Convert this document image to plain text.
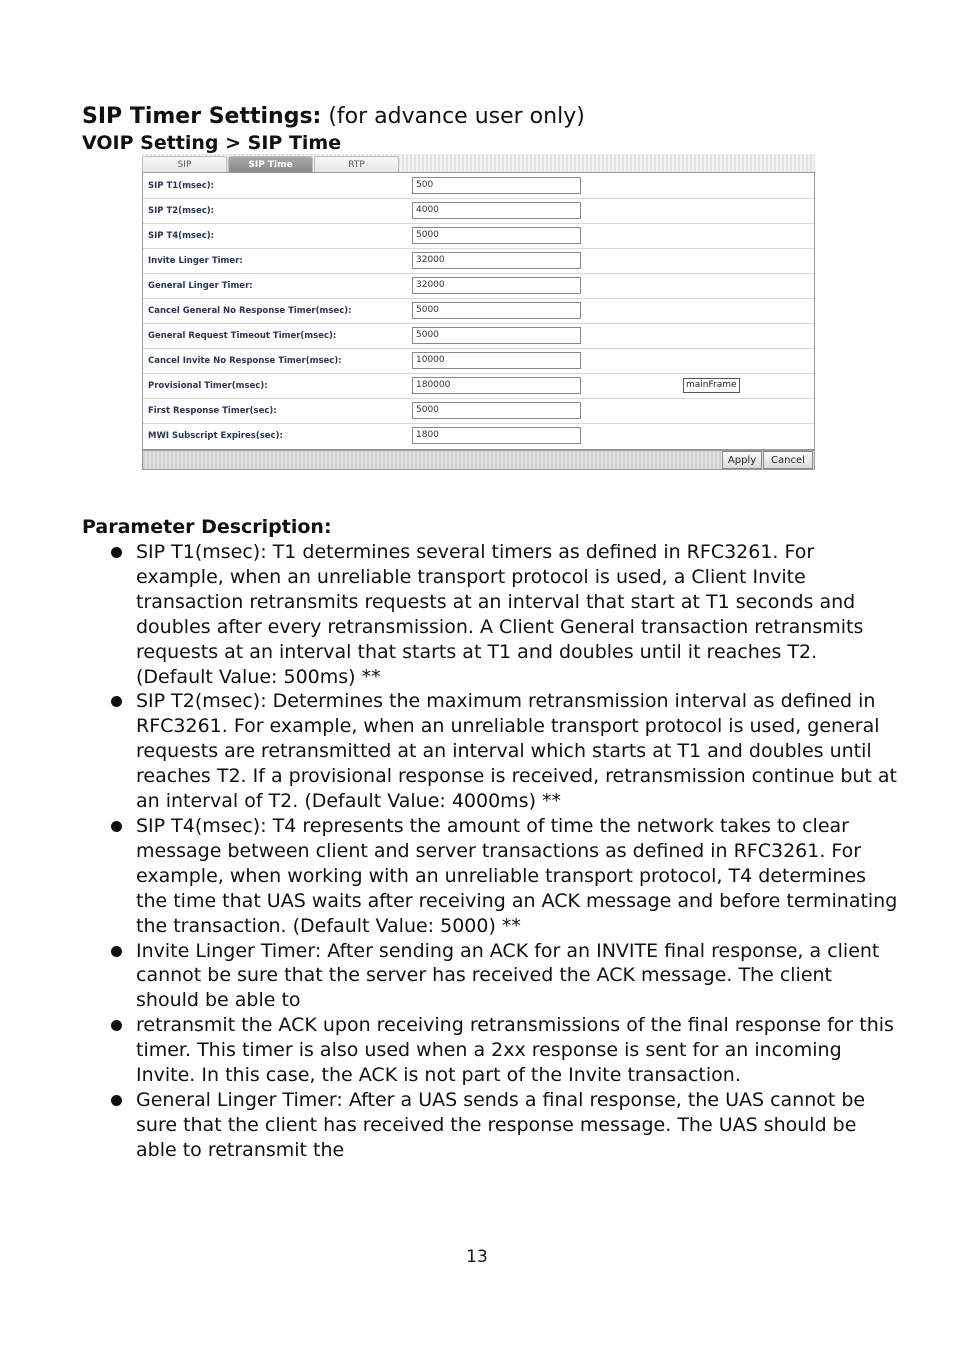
SIP Timer Settings: (for advance user only)
VOIP Setting > SIP Time
SIP	SIP Time	RTP
SIP T1(msec):	500
SIP T2(msec):	4000
SIP T4(msec):	5000
Invite Linger Timer:	32000
General Linger Timer:	32000
Cancel General No Response Timer(msec):	5000
General Request Timeout Timer(msec):	5000
Cancel Invite No Response Timer(msec):	10000
Provisional Timer(msec):	180000
First Response Timer(sec):	5000
MWI Subscript Expires(sec):	1800
mainFrame
Apply	Cancel
Parameter Description:
SIP T1(msec): T1 determines several timers as defined in RFC3261. For example, when an unreliable transport protocol is used, a Client Invite transaction retransmits requests at an interval that start at T1 seconds and doubles after every retransmission. A Client General transaction retransmits requests at an interval that starts at T1 and doubles until it reaches T2. (Default Value: 500ms) **
SIP T2(msec): Determines the maximum retransmission interval as defined in RFC3261. For example, when an unreliable transport protocol is used, general requests are retransmitted at an interval which starts at T1 and doubles until reaches T2. If a provisional response is received, retransmission continue but at an interval of T2. (Default Value: 4000ms) **
SIP T4(msec): T4 represents the amount of time the network takes to clear message between client and server transactions as defined in RFC3261. For example, when working with an unreliable transport protocol, T4 determines the time that UAS waits after receiving an ACK message and before terminating the transaction. (Default Value: 5000) **
Invite Linger Timer: After sending an ACK for an INVITE final response, a client cannot be sure that the server has received the ACK message. The client should be able to
retransmit the ACK upon receiving retransmissions of the final response for this timer. This timer is also used when a 2xx response is sent for an incoming Invite. In this case, the ACK is not part of the Invite transaction.
General Linger Timer: After a UAS sends a final response, the UAS cannot be sure that the client has received the response message. The UAS should be able to retransmit the
13
